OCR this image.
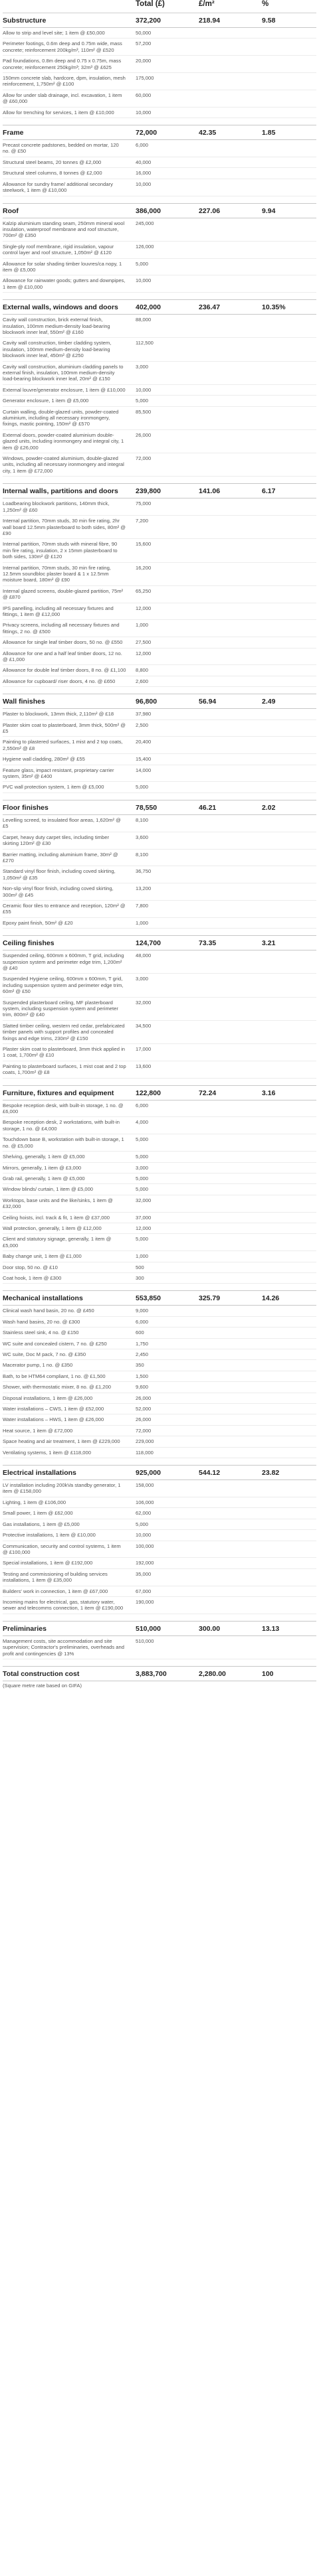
	Total (£)	£/m²	%
Substructure	372,200	218.94	9.58
Allow to strip and level site; 1 item @ £50,000	50,000		
Perimeter footings, 0.6m deep and 0.75m wide, mass concrete; reinforcement 200kg/m³, 110m² @ £520	57,200		
Pad foundations, 0.8m deep and 0.75 x 0.75m, mass concrete; reinforcement 250kg/m³; 32m³ @ £625	20,000		
150mm concrete slab, hardcore, dpm, insulation, mesh reinforcement, 1,750m² @ £100	175,000		
Allow for under slab drainage, incl. excavation, 1 item @ £60,000	60,000		
Allow for trenching for services, 1 item @ £10,000	10,000		

Frame	72,000	42.35	1.85
Precast concrete padstones, bedded on mortar, 120 no. @ £50	6,000		
Structural steel beams, 20 tonnes @ £2,000	40,000		
Structural steel columns, 8 tonnes @ £2,000	16,000		
Allowance for sundry frame/ additional secondary steelwork, 1 item @ £10,000	10,000		

Roof	386,000	227.06	9.94
Kalzip aluminium standing seam, 250mm mineral wool insulation, waterproof membrane and roof structure, 700m² @ £350	245,000		
Single-ply roof membrane, rigid insulation, vapour control layer and roof structure, 1,050m² @ £120	126,000		
Allowance for solar shading timber louvres/ca nopy, 1 item @ £5,000	5,000		
Allowance for rainwater goods; gutters and downpipes, 1 item @ £10,000	10,000		

External walls, windows and doors	402,000	236.47	10.35%
Cavity wall construction, brick external finish, insulation, 100mm medium-density load-bearing blockwork inner leaf, 550m² @ £160	88,000		
Cavity wall construction, timber cladding system, insulation, 100mm medium-density load-bearing blockwork inner leaf, 450m² @ £250	112,500		
Cavity wall construction, aluminium cladding panels to external finish, insulation, 100mm medium-density load-bearing blockwork inner leaf, 20m² @ £150	3,000		
External louvre/generator enclosure, 1 item @ £10,000	10,000		
Generator enclosure, 1 item @ £5,000	5,000		
Curtain walling, double-glazed units, powder-coated aluminium, including all necessary ironmongery, fixings, mastic pointing, 150m² @ £570	85,500		
External doors, powder-coated aluminium double-glazed units, including ironmongery and integral city, 1 item @ £26,000	26,000		
Windows, powder-coated aluminium, double-glazed units, including all necessary ironmongery and integral city, 1 item @ £72,000	72,000		

Internal walls, partitions and doors	239,800	141.06	6.17
Loadbearing blockwork partitions, 140mm thick, 1,250m² @ £60	75,000		
Internal partition, 70mm studs, 30 min fire rating, 2hr wall board 12.5mm plasterboard to both sides, 80m² @ £90	7,200		
Internal partition, 70mm studs with mineral fibre, 90 min fire rating, insulation, 2 x 15mm plasterboard to both sides, 130m² @ £120	15,600		
Internal partition, 70mm studs, 30 min fire rating, 12.5mm soundbloc plaster board & 1 x 12.5mm moisture board, 180m² @ £90	16,200		
Internal glazed screens, double-glazed partition, 75m² @ £870	65,250		
IPS panelling, including all necessary fixtures and fittings, 1 item @ £12,000	12,000		
Privacy screens, including all necessary fixtures and fittings, 2 no. @ £500	1,000		
Allowance for single leaf timber doors, 50 no. @ £550	27,500		
Allowance for one and a half leaf timber doors, 12 no. @ £1,000	12,000		
Allowance for double leaf timber doors, 8 no. @ £1,100	8,800		
Allowance for cupboard/ riser doors, 4 no. @ £650	2,600		

Wall finishes	96,800	56.94	2.49
Plaster to blockwork, 13mm thick, 2,110m² @ £18	37,980		
Plaster skim coat to plasterboard, 3mm thick, 500m² @ £5	2,500		
Painting to plastered surfaces, 1 mist and 2 top coats, 2,550m² @ £8	20,400		
Hygiene wall cladding, 280m² @ £55	15,400		
Feature glass, impact resistant, proprietary carrier system, 35m² @ £400	14,000		
PVC wall protection system, 1 item @ £5,000	5,000		

Floor finishes	78,550	46.21	2.02
Levelling screed, to insulated floor areas, 1,620m² @ £5	8,100		
Carpet, heavy duty carpet tiles, including timber skirting 120m² @ £30	3,600		
Barrier matting, including aluminium frame, 30m² @ £270	8,100		
Standard vinyl floor finish, including coved skirting, 1,050m² @ £35	36,750		
Non-slip vinyl floor finish, including coved skirting, 300m² @ £45	13,200		
Ceramic floor tiles to entrance and reception, 120m² @ £55	7,800		
Epoxy paint finish, 50m² @ £20	1,000		

Ceiling finishes	124,700	73.35	3.21
Suspended ceiling, 600mm x 600mm, T grid, including suspension system and perimeter edge trim, 1,200m² @ £40	48,000		
Suspended Hygiene ceiling, 600mm x 600mm, T grid, including suspension system and perimeter edge trim, 60m² @ £50	3,000		
Suspended plasterboard ceiling, MF plasterboard system, including suspension system and perimeter trim, 800m² @ £40	32,000		
Slatted timber ceiling, western red cedar, prefabricated timber panels with support profiles and concealed fixings and edge trims, 230m² @ £150	34,500		
Plaster skim coat to plasterboard, 3mm thick applied in 1 coat, 1,700m² @ £10	17,000		
Painting to plasterboard surfaces, 1 mist coat and 2 top coats, 1,700m² @ £8	13,600		

Furniture, fixtures and equipment	122,800	72.24	3.16
Bespoke reception desk, with built-in storage, 1 no. @ £6,000	6,000		
Bespoke reception desk, 2 workstations, with built-in storage, 1 no. @ £4,000	4,000		
Touchdown base B, workstation with built-in storage, 1 no. @ £5,000	5,000		
Shelving, generally, 1 item @ £5,000	5,000		
Mirrors, generally, 1 item @ £3,000	3,000		
Grab rail, generally, 1 item @ £5,000	5,000		
Window blinds/ curtain, 1 item @ £5,000	5,000		
Worktops, base units and the like/sinks, 1 item @ £32,000	32,000		
Ceiling hoists, incl. track & fit, 1 item @ £37,000	37,000		
Wall protection, generally, 1 item @ £12,000	12,000		
Client and statutory signage, generally, 1 item @ £5,000	5,000		
Baby change unit, 1 item @ £1,000	1,000		
Door stop, 50 no. @ £10	500		
Coat hook, 1 item @ £300	300		

Mechanical installations	553,850	325.79	14.26
Clinical wash hand basin, 20 no. @ £450	9,000		
Wash hand basins, 20 no. @ £300	6,000		
Stainless steel sink, 4 no. @ £150	600		
WC suite and concealed cistern, 7 no. @ £250	1,750		
WC suite, Doc M pack, 7 no. @ £350	2,450		
Macerator pump, 1 no. @ £350	350		
Bath, to be HTM64 compliant, 1 no. @ £1,500	1,500		
Shower, with thermostatic mixer, 8 no. @ £1,200	9,600		
Disposal installations, 1 item @ £26,000	26,000		
Water installations – CWS, 1 item @ £52,000	52,000		
Water installations – HWS, 1 item @ £26,000	26,000		
Heat source, 1 item @ £72,000	72,000		
Space heating and air treatment, 1 item @ £229,000	229,000		
Ventilating systems, 1 item @ £118,000	118,000		

Electrical installations	925,000	544.12	23.82
LV installation including 200kVa standby generator, 1 item @ £158,000	158,000		
Lighting, 1 item @ £106,000	106,000		
Small power, 1 item @ £62,000	62,000		
Gas installations, 1 item @ £5,000	5,000		
Protective installations, 1 item @ £10,000	10,000		
Communication, security and control systems, 1 item @ £100,000	100,000		
Special installations, 1 item @ £192,000	192,000		
Testing and commissioning of building services installations, 1 item @ £35,000	35,000		
Builders' work in connection, 1 item @ £67,000	67,000		
Incoming mains for electrical, gas, statutory water, sewer and telecomms connection, 1 item @ £190,000	190,000		

Preliminaries	510,000	300.00	13.13
Management costs, site accommodation and site supervision; Contractor's preliminaries, overheads and profit and contingencies @ 13%	510,000		

Total construction cost	3,883,700	2,280.00	100
(Square metre rate based on GIFA)			
